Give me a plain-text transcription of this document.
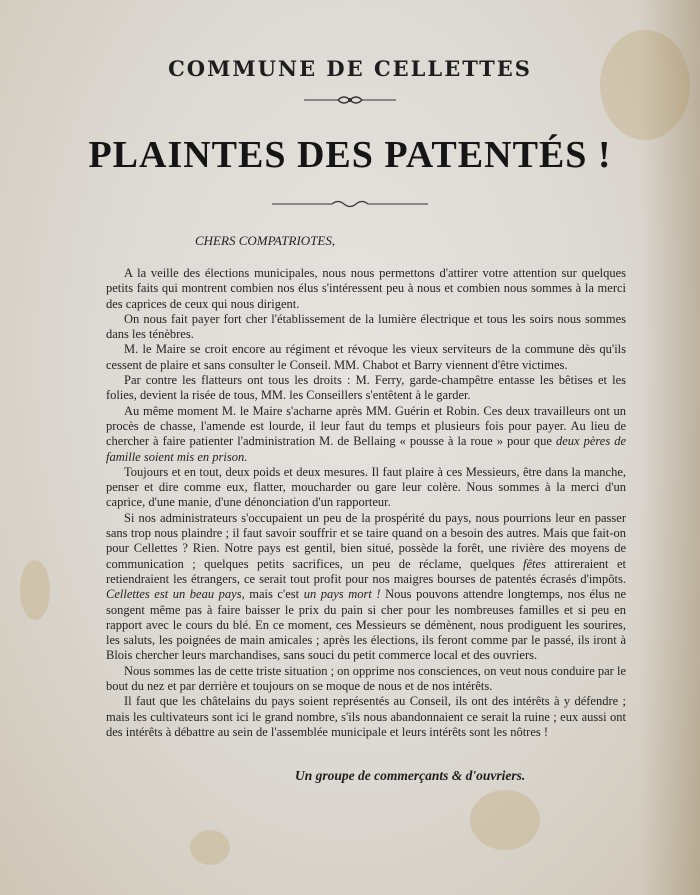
COMMUNE DE CELLETTES
PLAINTES DES PATENTÉS !
CHERS COMPATRIOTES,

A la veille des élections municipales, nous nous permettons d'attirer votre attention sur quelques petits faits qui montrent combien nos élus s'intéressent peu à nous et combien nous sommes à la merci des caprices de ceux qui nous dirigent.

On nous fait payer fort cher l'établissement de la lumière électrique et tous les soirs nous sommes dans les ténèbres.

M. le Maire se croit encore au régiment et révoque les vieux serviteurs de la commune dès qu'ils cessent de plaire et sans consulter le Conseil. MM. Chabot et Barry viennent d'être victimes.

Par contre les flatteurs ont tous les droits : M. Ferry, garde-champêtre entasse les bêtises et les folies, devient la risée de tous, MM. les Conseillers s'entêtent à le garder.

Au même moment M. le Maire s'acharne après MM. Guérin et Robin. Ces deux travailleurs ont un procès de chasse, l'amende est lourde, il leur faut du temps et plusieurs fois pour payer. Au lieu de chercher à faire patienter l'administration M. de Bellaing « pousse à la roue » pour que deux pères de famille soient mis en prison.

Toujours et en tout, deux poids et deux mesures. Il faut plaire à ces Messieurs, être dans la manche, penser et dire comme eux, flatter, moucharder ou gare leur colère. Nous sommes à la merci d'un caprice, d'une manie, d'une dénonciation d'un rapporteur.

Si nos administrateurs s'occupaient un peu de la prospérité du pays, nous pourrions leur en passer sans trop nous plaindre ; il faut savoir souffrir et se taire quand on a besoin des autres. Mais que fait-on pour Cellettes ? Rien. Notre pays est gentil, bien situé, possède la forêt, une rivière des moyens de communication ; quelques petits sacrifices, un peu de réclame, quelques fêtes attireraient et retiendraient les étrangers, ce serait tout profit pour nos maigres bourses de patentés écrasés d'impôts. Cellettes est un beau pays, mais c'est un pays mort ! Nous pouvons attendre longtemps, nos élus ne songent même pas à faire baisser le prix du pain si cher pour les nombreuses familles et si peu en rapport avec le cours du blé. En ce moment, ces Messieurs se démènent, nous prodiguent les sourires, les saluts, les poignées de main amicales ; après les élections, ils feront comme par le passé, ils iront à Blois chercher leurs marchandises, sans souci du petit commerce local et des ouvriers.

Nous sommes las de cette triste situation ; on opprime nos consciences, on veut nous conduire par le bout du nez et par derrière et toujours on se moque de nous et de nos intérêts.

Il faut que les châtelains du pays soient représentés au Conseil, ils ont des intérêts à y défendre ; mais les cultivateurs sont ici le grand nombre, s'ils nous abandonnaient ce serait la ruine ; eux aussi ont des intérêts à débattre au sein de l'assemblée municipale et leurs intérêts sont les nôtres !

Un groupe de commerçants & d'ouvriers.
